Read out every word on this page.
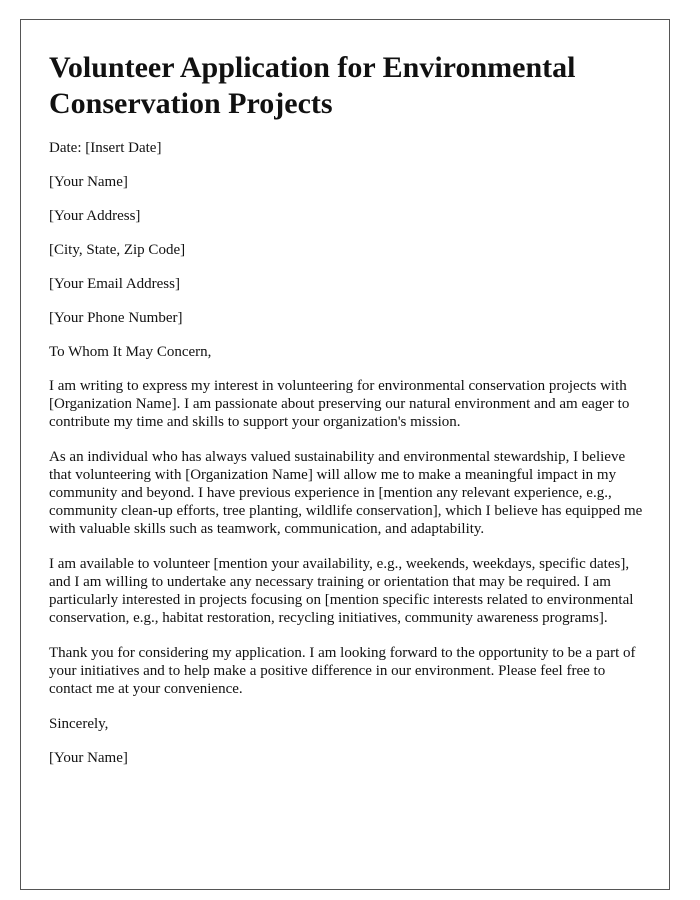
Volunteer Application for Environmental Conservation Projects
Date: [Insert Date]
[Your Name]
[Your Address]
[City, State, Zip Code]
[Your Email Address]
[Your Phone Number]
To Whom It May Concern,

I am writing to express my interest in volunteering for environmental conservation projects with [Organization Name]. I am passionate about preserving our natural environment and am eager to contribute my time and skills to support your organization's mission.

As an individual who has always valued sustainability and environmental stewardship, I believe that volunteering with [Organization Name] will allow me to make a meaningful impact in my community and beyond. I have previous experience in [mention any relevant experience, e.g., community clean-up efforts, tree planting, wildlife conservation], which I believe has equipped me with valuable skills such as teamwork, communication, and adaptability.

I am available to volunteer [mention your availability, e.g., weekends, weekdays, specific dates], and I am willing to undertake any necessary training or orientation that may be required. I am particularly interested in projects focusing on [mention specific interests related to environmental conservation, e.g., habitat restoration, recycling initiatives, community awareness programs].

Thank you for considering my application. I am looking forward to the opportunity to be a part of your initiatives and to help make a positive difference in our environment. Please feel free to contact me at your convenience.

Sincerely,
[Your Name]
